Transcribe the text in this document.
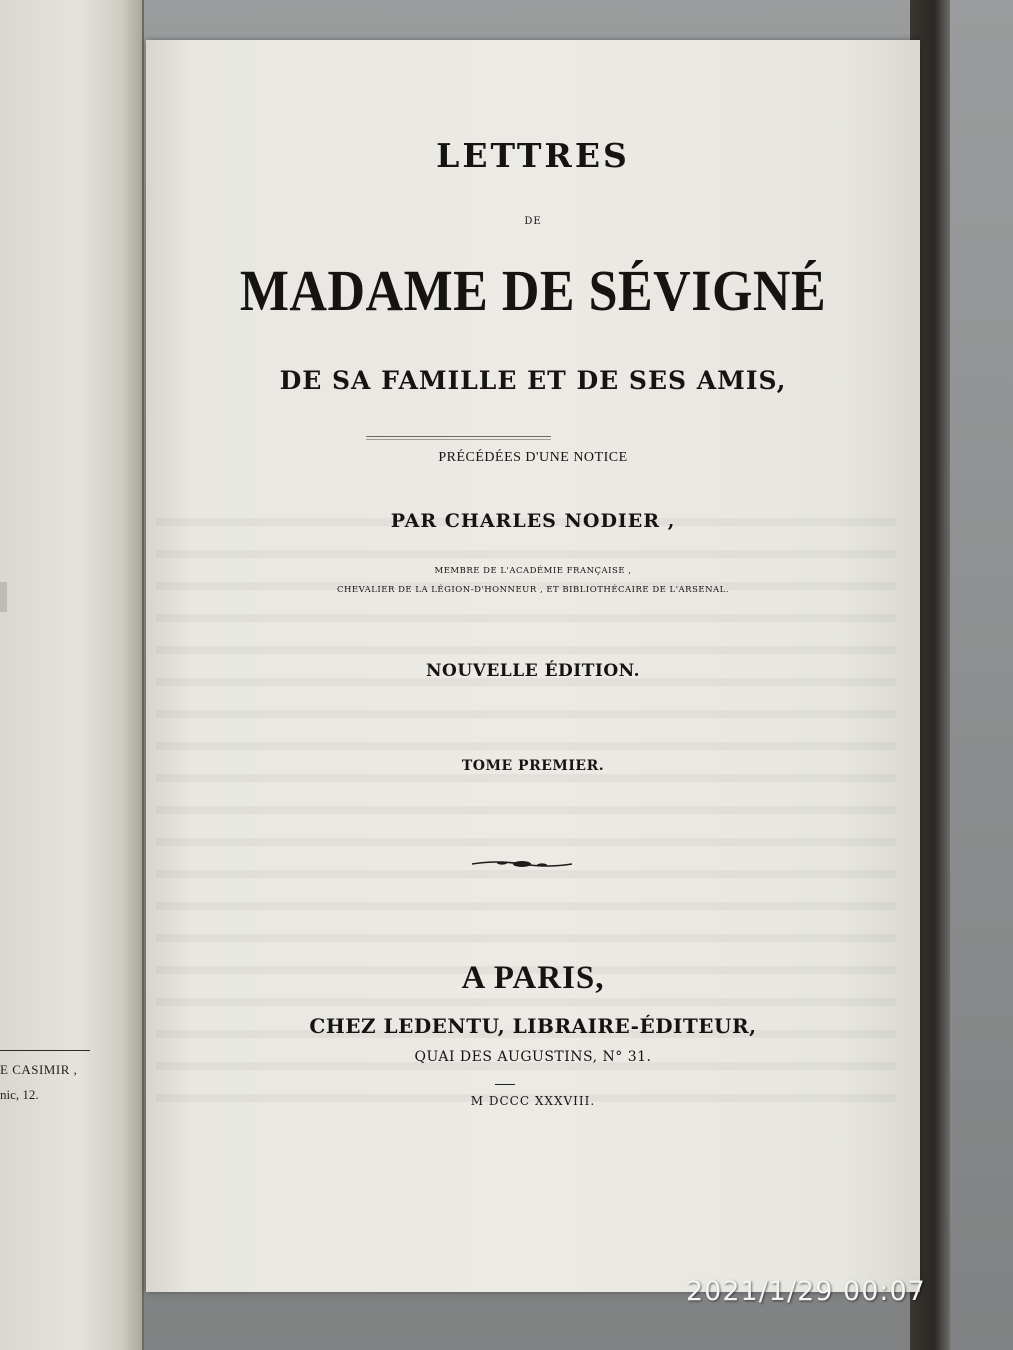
E CASIMIR ,
nic, 12.
LETTRES
DE
MADAME DE SÉVIGNÉ
DE SA FAMILLE ET DE SES AMIS,
PRÉCÉDÉES D'UNE NOTICE
PAR CHARLES NODIER ,
MEMBRE DE L'ACADÉMIE FRANÇAISE ,
CHEVALIER DE LA LÉGION-D'HONNEUR , ET BIBLIOTHÉCAIRE DE L'ARSENAL.
NOUVELLE ÉDITION.
TOME PREMIER.
A PARIS,
CHEZ LEDENTU, LIBRAIRE-ÉDITEUR,
QUAI DES AUGUSTINS, N° 31.
M DCCC XXXVIII.
2021/1/29 00:07
